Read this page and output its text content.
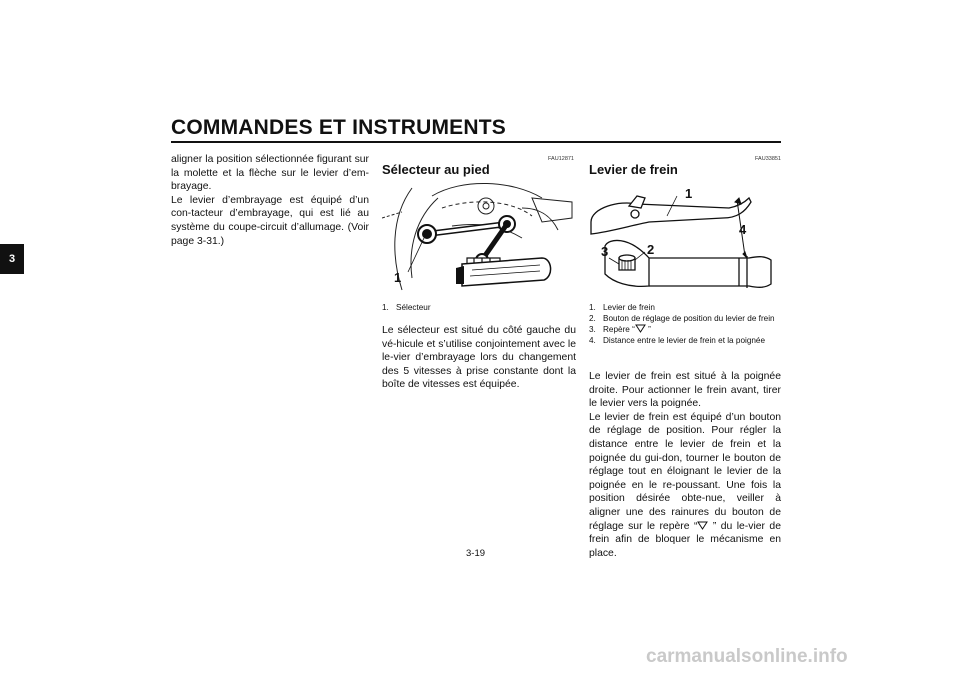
COMMANDES ET INSTRUMENTS
3
aligner la position sélectionnée figurant sur la molette et la flèche sur le levier d’em-brayage.
Le levier d’embrayage est équipé d’un con-tacteur d’embrayage, qui est lié au système du coupe-circuit d’allumage. (Voir page 3-31.)
FAU12871
Sélecteur au pied
1
1. Sélecteur
Le sélecteur est situé du côté gauche du vé-hicule et s’utilise conjointement avec le le-vier d’embrayage lors du changement des 5 vitesses à prise constante dont la boîte de vitesses est équipée.
FAU33851
Levier de frein
1
2
3
4
1. Levier de frein
2. Bouton de réglage de position du levier de frein
3. Repère “ ”
4. Distance entre le levier de frein et la poignée
Le levier de frein est situé à la poignée droite. Pour actionner le frein avant, tirer le levier vers la poignée.
Le levier de frein est équipé d’un bouton de réglage de position. Pour régler la distance entre le levier de frein et la poignée du gui-don, tourner le bouton de réglage tout en éloignant le levier de la poignée en le re-poussant. Une fois la position désirée obte-nue, veiller à aligner une des rainures du bouton de réglage sur le repère “ ” du le-vier de frein afin de bloquer le mécanisme en place.
3-19
carmanualsonline.info
